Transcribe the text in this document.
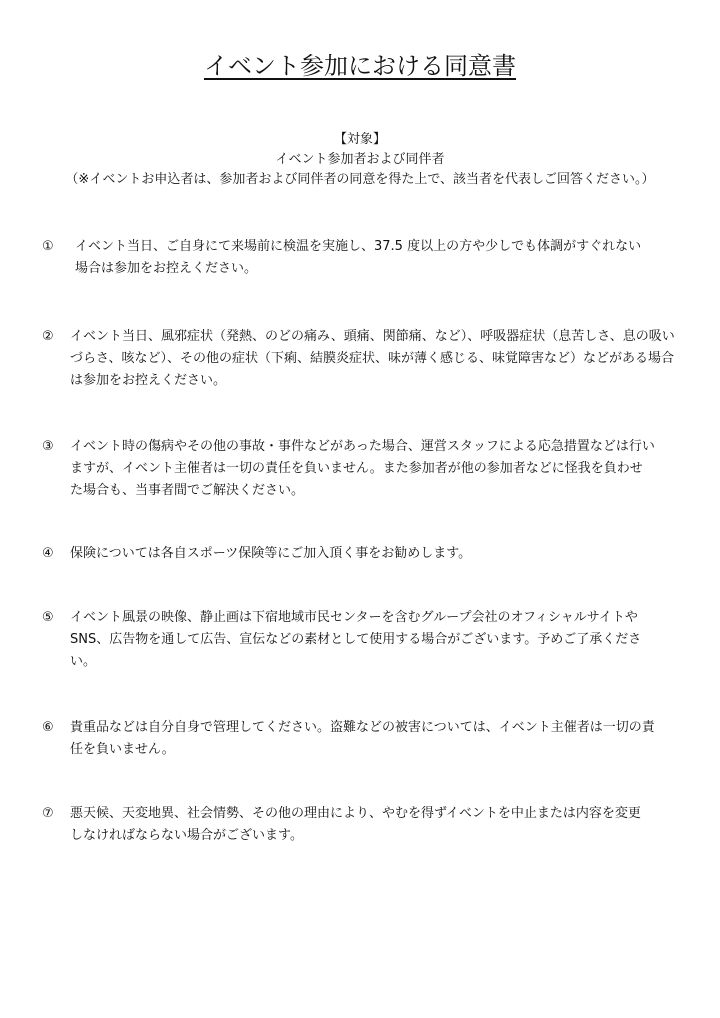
イベント参加における同意書
【対象】
イベント参加者および同伴者
（※イベントお申込者は、参加者および同伴者の同意を得た上で、該当者を代表しご回答ください。）
①	イベント当日、ご自身にて来場前に検温を実施し、37.5 度以上の方や少しでも体調がすぐれない
場合は参加をお控えください。
②	イベント当日、風邪症状（発熱、のどの痛み、頭痛、関節痛、など）、呼吸器症状（息苦しさ、息の吸い
づらさ、咳など）、その他の症状（下痢、結膜炎症状、味が薄く感じる、味覚障害など）などがある場合
は参加をお控えください。
③	イベント時の傷病やその他の事故・事件などがあった場合、運営スタッフによる応急措置などは行い
ますが、イベント主催者は一切の責任を負いません。また参加者が他の参加者などに怪我を負わせ
た場合も、当事者間でご解決ください。
④	保険については各自スポーツ保険等にご加入頂く事をお勧めします。
⑤	イベント風景の映像、静止画は下宿地域市民センターを含むグループ会社のオフィシャルサイトや
SNS、広告物を通して広告、宣伝などの素材として使用する場合がございます。予めご了承くださ
い。
⑥	貴重品などは自分自身で管理してください。盗難などの被害については、イベント主催者は一切の責
任を負いません。
⑦	悪天候、天変地異、社会情勢、その他の理由により、やむを得ずイベントを中止または内容を変更
しなければならない場合がございます。
